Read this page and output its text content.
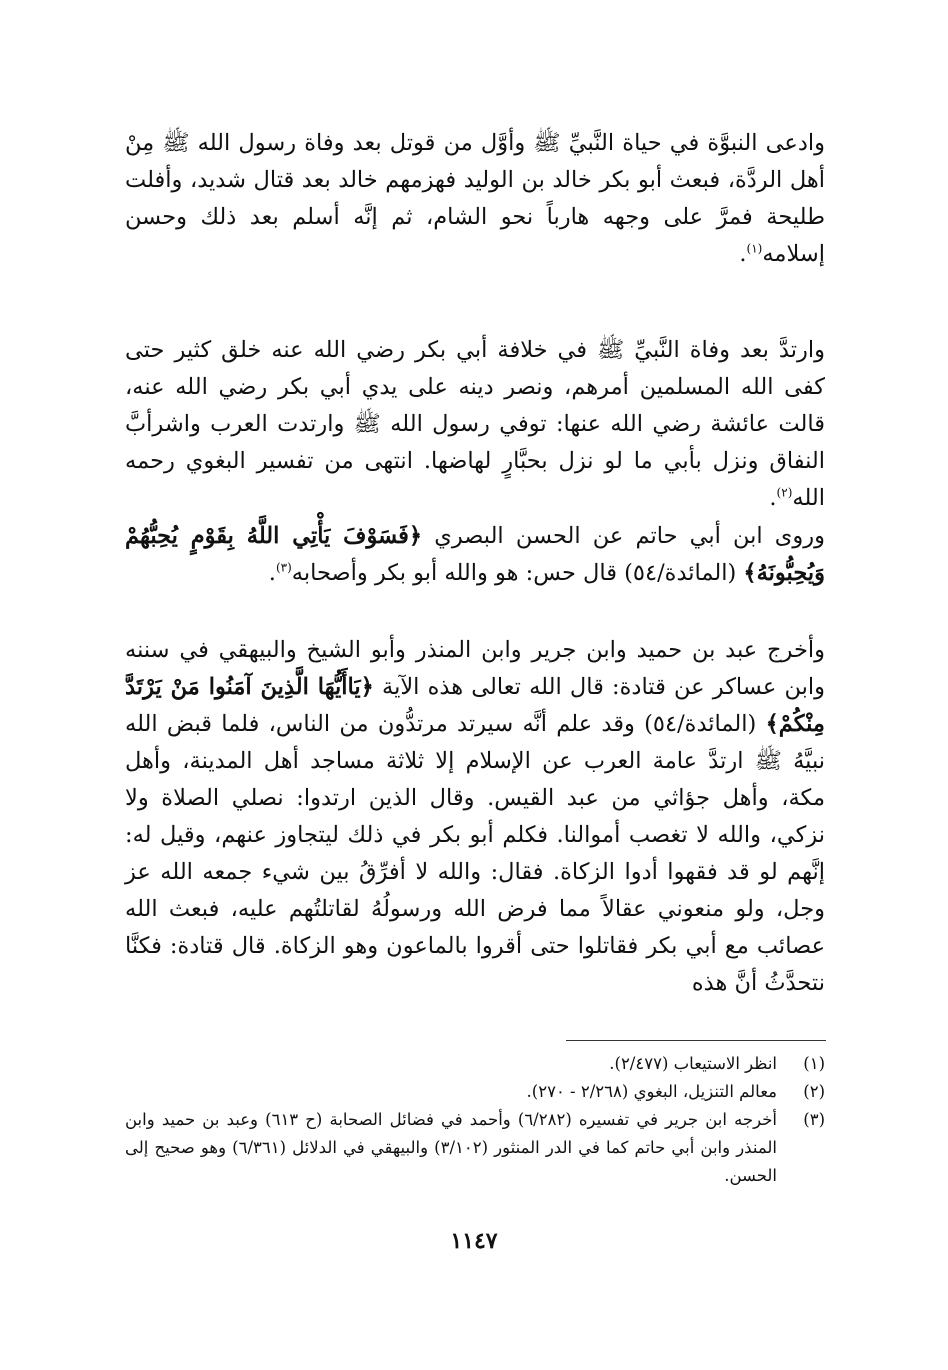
وادعى النبوَّة في حياة النَّبيِّ ﷺ وأوَّل من قوتل بعد وفاة رسول الله ﷺ مِنْ أهل الردَّة، فبعث أبو بكر خالد بن الوليد فهزمهم خالد بعد قتال شديد، وأفلت طليحة فمرَّ على وجهه هارباً نحو الشام، ثم إنَّه أسلم بعد ذلك وحسن إسلامه$^{(١)}$.

وارتدَّ بعد وفاة النَّبيِّ ﷺ في خلافة أبي بكر رضي الله عنه خلق كثير حتى كفى الله المسلمين أمرهم، ونصر دينه على يدي أبي بكر رضي الله عنه، قالت عائشة رضي الله عنها: توفي رسول الله ﷺ وارتدت العرب واشرأبَّ النفاق ونزل بأبي ما لو نزل بحبَّارٍ لهاضها. انتهى من تفسير البغوي رحمه الله$^{(٢)}$.

وروى ابن أبي حاتم عن الحسن البصري ﴿فَسَوْفَ يَأْتِي اللَّهُ بِقَوْمٍ يُحِبُّهُمْ وَيُحِبُّونَهُ﴾ (المائدة/٥٤) قال حس: هو والله أبو بكر وأصحابه$^{(٣)}$.

وأخرج عبد بن حميد وابن جرير وابن المنذر وأبو الشيخ والبيهقي في سننه وابن عساكر عن قتادة: قال الله تعالى هذه الآية ﴿يَاأَيُّهَا الَّذِينَ آمَنُوا مَنْ يَرْتَدَّ مِنْكُمْ﴾ (المائدة/٥٤) وقد علم أنَّه سيرتد مرتدُّون من الناس، فلما قبض الله نبيَّهُ ﷺ ارتدَّ عامة العرب عن الإسلام إلا ثلاثة مساجد أهل المدينة، وأهل مكة، وأهل جؤاثي من عبد القيس. وقال الذين ارتدوا: نصلي الصلاة ولا نزكي، والله لا تغصب أموالنا. فكلم أبو بكر في ذلك ليتجاوز عنهم، وقيل له: إنَّهم لو قد فقهوا أدوا الزكاة. فقال: والله لا أفرِّقُ بين شيء جمعه الله عز وجل، ولو منعوني عقالاً مما فرض الله ورسولُهُ لقاتلتُهم عليه، فبعث الله عصائب مع أبي بكر فقاتلوا حتى أقروا بالماعون وهو الزكاة. قال قتادة: فكنَّا نتحدَّثُ أنَّ هذه

(١)
انظر الاستيعاب (٢/٤٧٧).
(٢)
معالم التنزيل، البغوي (٢/٢٦٨ - ٢٧٠).
(٣)
أخرجه ابن جرير في تفسيره (٦/٢٨٢) وأحمد في فضائل الصحابة (ح ٦١٣) وعبد بن حميد وابن المنذر وابن أبي حاتم كما في الدر المنثور (٣/١٠٢) والبيهقي في الدلائل (٦/٣٦١) وهو صحيح إلى الحسن.
١١٤٧
